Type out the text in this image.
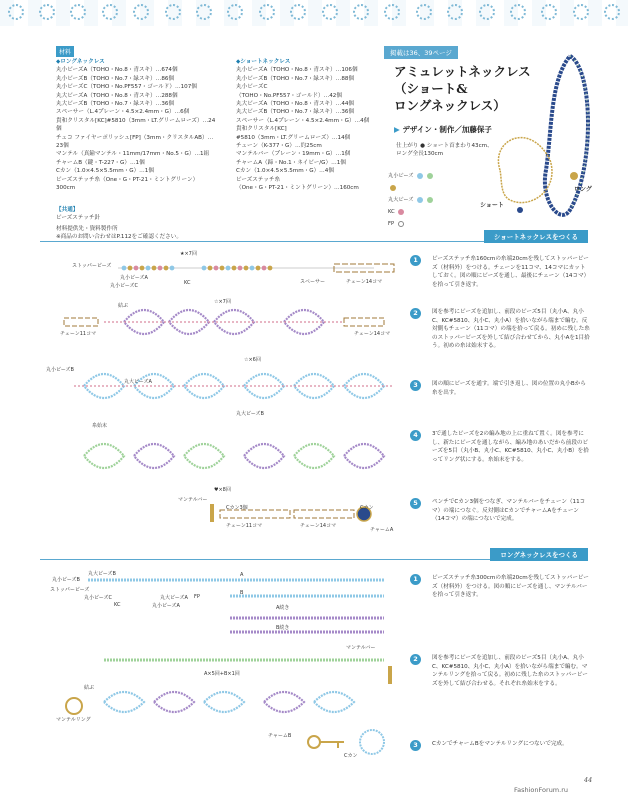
材料
◆ロングネックレス
丸小ビーズA（TOHO・No.8・青スキ）…674個
丸小ビーズB（TOHO・No.7・緑スキ）…86個
丸小ビーズC（TOHO・No.PF557・ゴールド）…107個
丸大ビーズA（TOHO・No.8・青スキ）…288個
丸大ビーズB（TOHO・No.7・緑スキ）…36個
スペーサー（L.4プレーン・4.5×2.4mm・G）…6個
貴和クリスタル[KC]#5810（3mm・LT.グリームローズ）…24個
チェコ ファイヤーポリッシュ[FP]（3mm・クリスタルAB）…23個
マンテル（真鍮マンテル・11mm/17mm・No.5・G）…1組
チャームB（鍵・T-227・G）…1個
Cカン（1.0×4.5×5.5mm・G）…1個
ビーズステッチ糸（One・G・PT-21・ミントグリーン）300cm
◆ショートネックレス
丸小ビーズA（TOHO・No.8・青スキ）…106個
丸小ビーズB（TOHO・No.7・緑スキ）…88個
丸小ビーズC
（TOHO・No.PF557・ゴールド）…42個
丸大ビーズA（TOHO・No.8・青スキ）…44個
丸大ビーズB（TOHO・No.7・緑スキ）…36個
スペーサー（L.4プレーン・4.5×2.4mm・G）…4個
貴和クリスタル[KC]
#5810（3mm・LT.グリームローズ）…14個
チェーン（K-377・G）…約25cm
マンテルバー（プレーン・19mm・G）…1個
チャームA（蹄・No.1・ネイビー/G）…1個
Cカン（1.0×4.5×5.5mm・G）…4個
ビーズステッチ糸
（One・G・PT-21・ミントグリーン）…160cm
【共通】
ビーズステッチ針
材料提供先・資料製作所
※商品のお問い合わせはP.112をご確認ください。
掲載は36、39ページ
アミュレットネックレス
（ショート&
ロングネックレス）
▶ デザイン・制作／加藤保子
仕上がり ● ショート首まわり43cm、
ロング全長130cm
丸小ビーズ
丸大ビーズ
KC
FP
ロング
ショート
ショートネックレスをつくる
★×7回
ストッパービーズ
丸小ビーズA
丸小ビーズC	KC	スペーサー	チェーン14コマ
☆×7回
結ぶ
チェーン11コマ	チェーン14コマ
☆×6回
丸小ビーズB
丸大ビーズA
丸大ビーズB
糸始末
♥×8回
マンテルバー
Cカン3個	Cカン
チェーン11コマ	チェーン14コマ
チャームA
1	ビーズステッチ糸160cmの糸端20cmを残してストッパービーズ（材料外）をつける。チェーンを11コマ、14コマにカットしておく。図の順にビーズを通し、最後にチェーン（14コマ）を拾って引き返す。
2	図を参考にビーズを追加し、前段のビーズ5目（丸小A、丸小C、KC#5810、丸小C、丸小A）を拾いながら端まで編む。反対側もチェーン（11コマ）の端を拾って戻る。初めに残した糸のストッパービーズを外して結び合わせてから、丸小Aを1目拾う。初めの糸は始末する。
3	図の順にビーズを通す。端で引き返し、図の位置の丸小Bから糸を出す。
4	3で通したビーズを2の編み地の上に重ねて置く。図を参考にし、新たにビーズを通しながら、編み地のあいだから前段のビーズを5目（丸小B、丸小C、KC#5810、丸小C、丸小B）を拾ってリング状にする。糸始末をする。
5	ペンチでCカン3個をつなぎ、マンテルバーをチェーン（11コマ）の端につなぐ。反対側はCカンでチャームAをチェーン（14コマ）の端につないで完成。
ロングネックレスをつくる
丸大ビーズB
丸小ビーズB
ストッパービーズ
丸小ビーズC
KC
丸大ビーズA FP
丸小ビーズA
A
B
A続き
B続き
マンテルバー
A×5回+B×1回
結ぶ
マンテルリング
チャームB
Cカン
1	ビーズステッチ糸300cmの糸端20cmを残してストッパービーズ（材料外）をつける。図の順にビーズを通し、マンテルバーを拾って引き返す。
2	図を参考にビーズを追加し、前段のビーズ5目（丸小A、丸小C、KC#5810、丸小C、丸小A）を拾いながら端まで編む。マンテルリングを拾って戻る。初めに残した糸のストッパービーズを外して結び合わせる。それぞれ糸始末をする。
3	CカンでチャームBをマンテルリングにつないで完成。
44
FashionForum.ru
